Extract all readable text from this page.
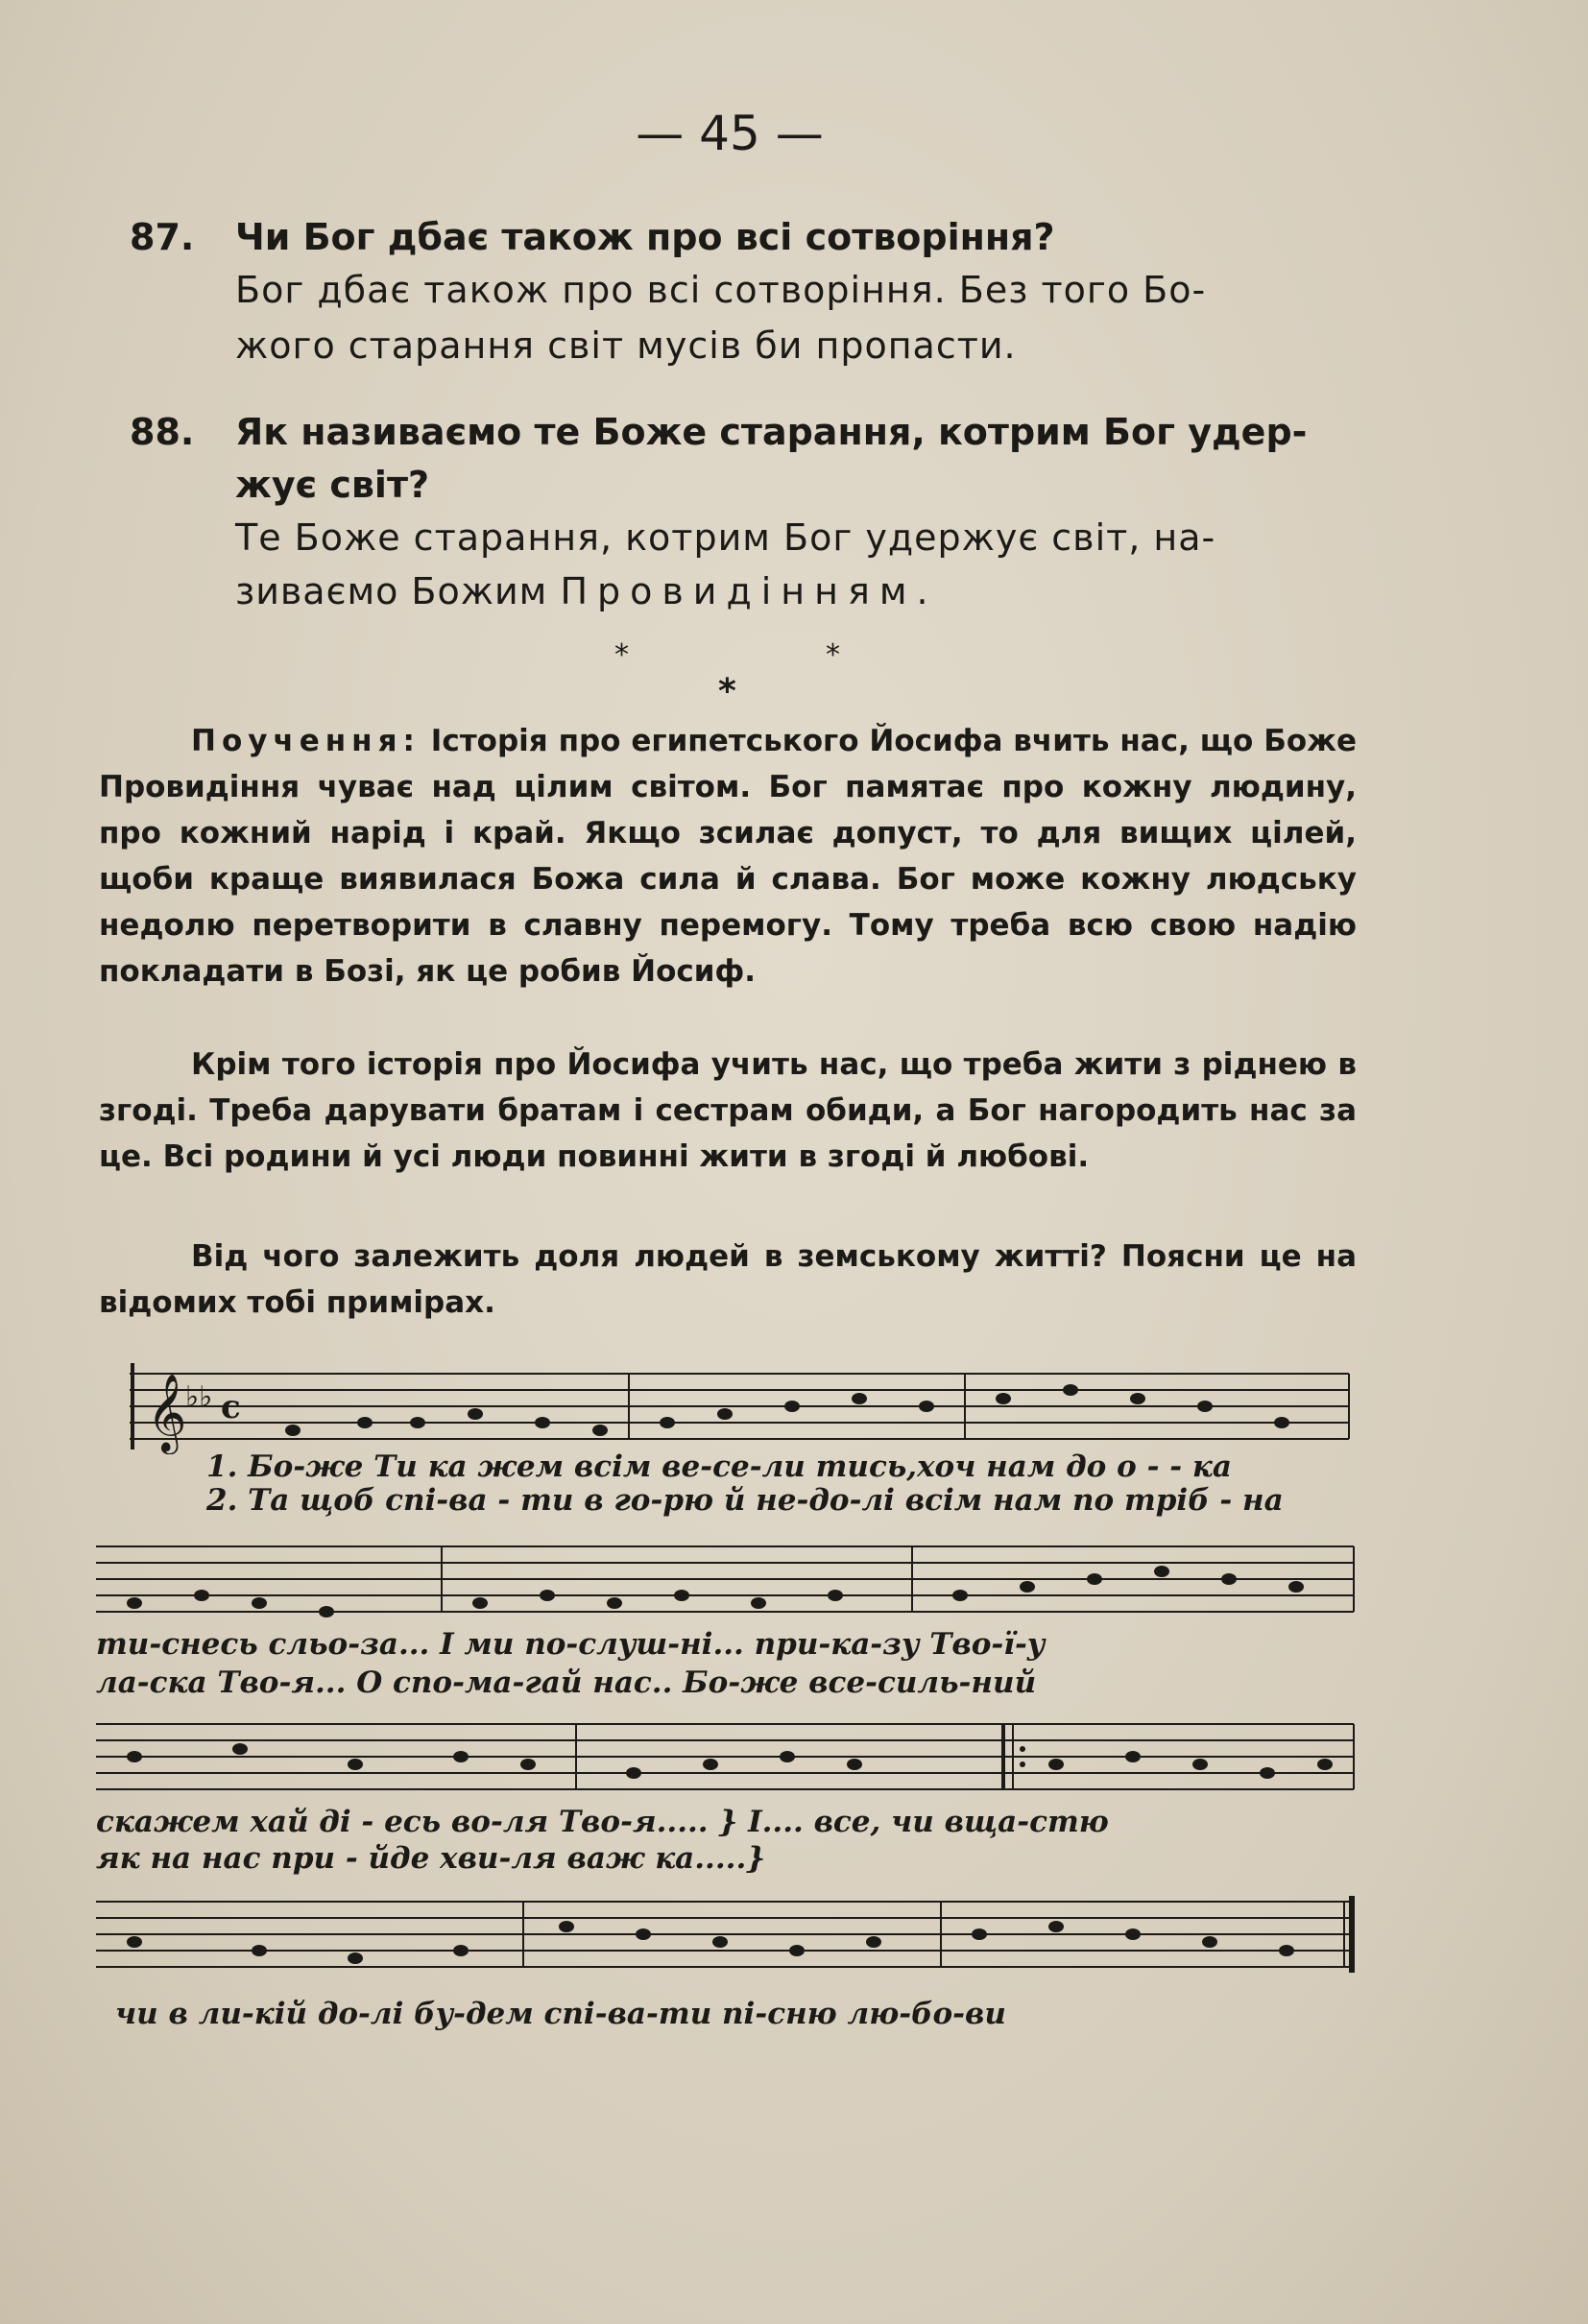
— 45 —
87. Чи Бог дбає також про всі сотворіння?
Бог дбає також про всі сотворіння. Без того Бо-
жого старання світ мусів би пропасти.
88. Як називаємо те Боже старання, котрим Бог удер-
жує світ?
Те Боже старання, котрим Бог удержує світ, на-
зиваємо Божим Провидінням.
*	*
*
Поучення: Історія про египетського Йосифа вчить нас, що Боже Провидіння чуває над цілим світом. Бог памятає про кожну людину, про кожний нарід і край. Якщо зсилає допуст, то для вищих цілей, щоби краще виявилася Божа сила й слава. Бог може кожну людську недолю перетворити в славну перемогу. Тому треба всю свою надію покладати в Бозі, як це робив Йосиф.
Крім того історія про Йосифа учить нас, що треба жити з ріднею в згоді. Треба дарувати братам і сестрам обиди, а Бог нагородить нас за це. Всі родини й усі люди повинні жити в згоді й любові.
Від чого залежить доля людей в земському житті? Поясни це на відомих тобі примірах.
𝄞
♭♭ c
1. Бо-же Ти ка жем всім ве-се-ли тись,хоч нам до о - - ка
2. Та щоб спі-ва - ти в го-рю й не-до-лі всім нам по тріб - на
ти-снесь сльо-за... I ми по-слуш-ні... при-ка-зу Тво-ї-у
ла-ска Тво-я... О спо-ма-гай нас.. Бо-же все-силь-ний
скажем хай ді - есь во-ля Тво-я..... } I.... все, чи вща-стю
як на нас при - йде хви-ля важ ка.....}
чи в ли-кій до-лі бу-дем спі-ва-ти пі-сню лю-бо-ви
